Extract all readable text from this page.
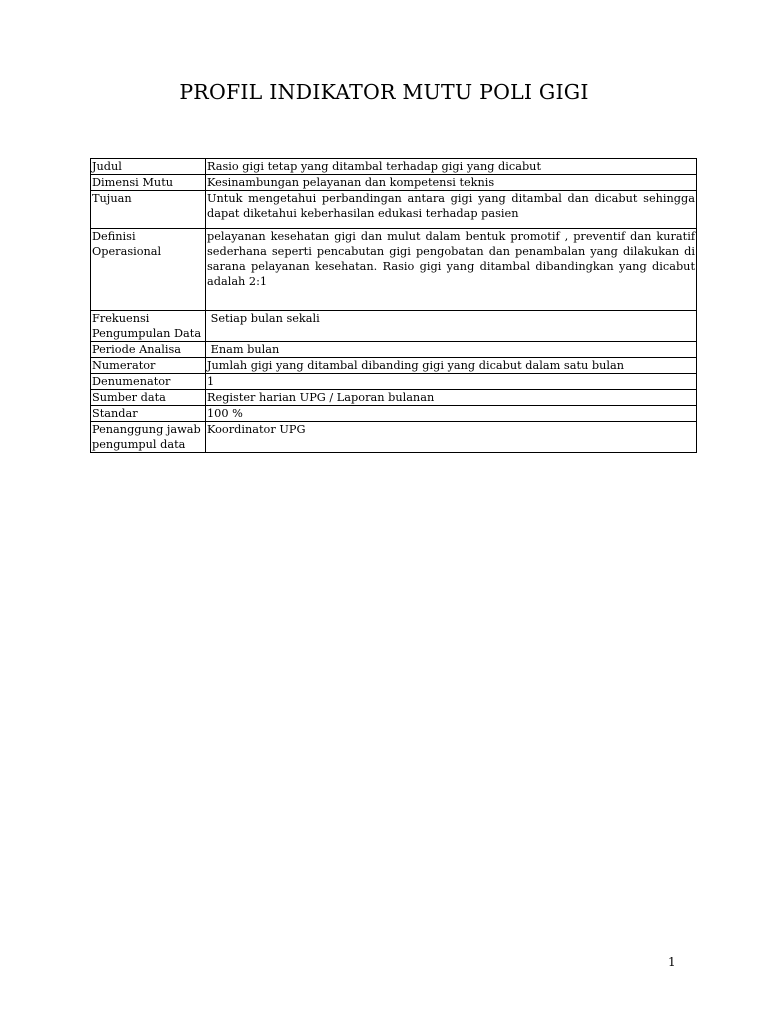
PROFIL INDIKATOR MUTU POLI GIGI
Judul	Rasio gigi tetap yang ditambal terhadap gigi yang dicabut
Dimensi Mutu	Kesinambungan pelayanan dan kompetensi teknis
Tujuan	Untuk mengetahui perbandingan antara gigi yang ditambal dan dicabut sehingga dapat diketahui keberhasilan edukasi terhadap pasien
Definisi Operasional	pelayanan kesehatan gigi dan mulut dalam bentuk promotif , preventif dan kuratif sederhana seperti pencabutan gigi pengobatan dan penambalan yang dilakukan di sarana pelayanan kesehatan. Rasio gigi yang ditambal dibandingkan yang dicabut adalah 2:1
Frekuensi Pengumpulan Data	Setiap bulan sekali
Periode Analisa	Enam bulan
Numerator	Jumlah gigi yang ditambal dibanding gigi yang dicabut dalam satu bulan
Denumenator	1
Sumber data	Register harian UPG / Laporan bulanan
Standar	100 %
Penanggung jawab pengumpul data	Koordinator UPG
1
